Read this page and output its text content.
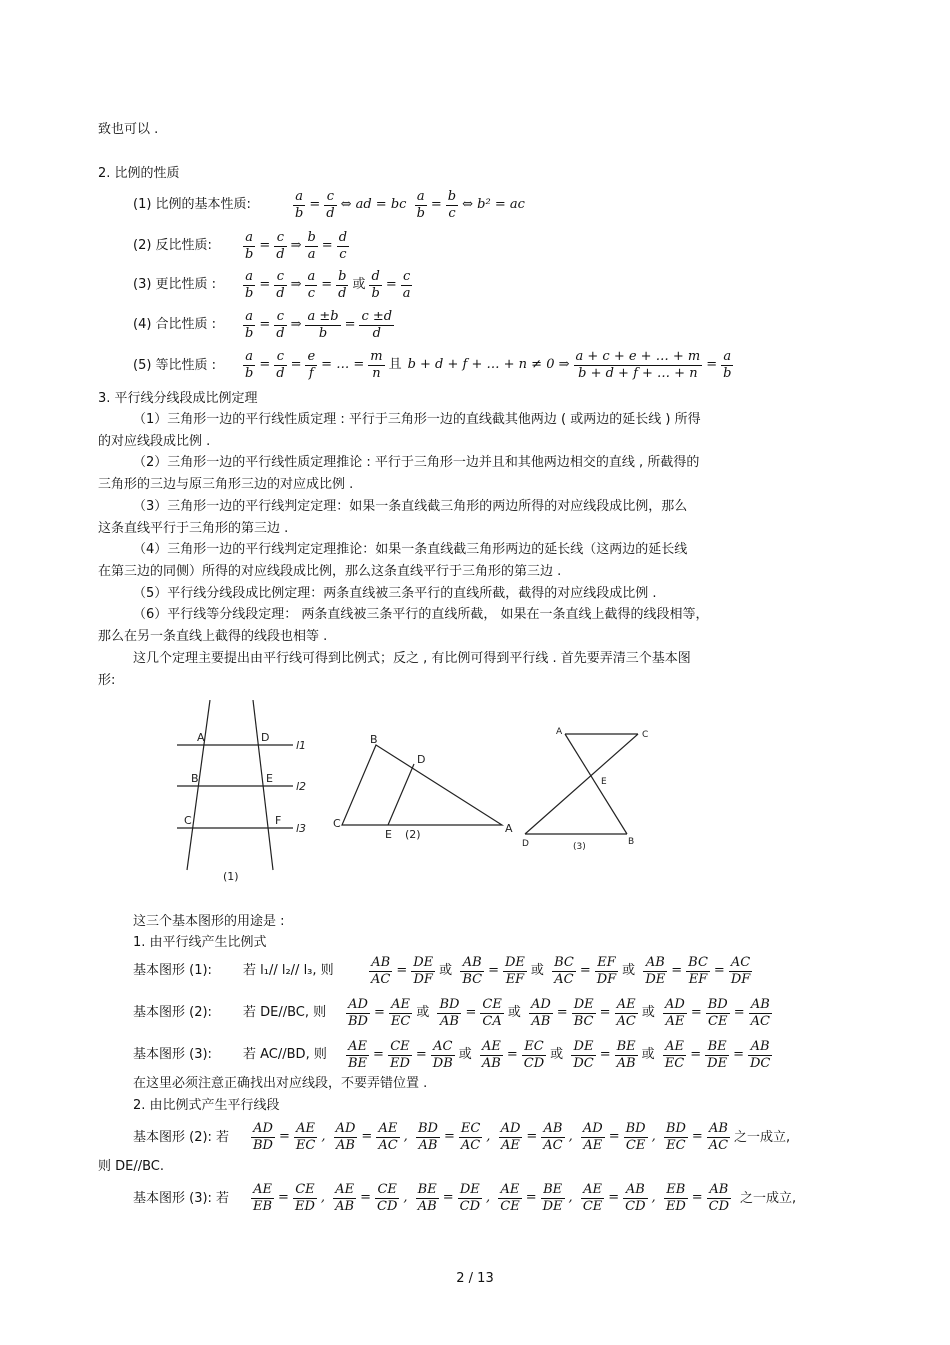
致也可以 .
2. 比例的性质
(1) 比例的基本性质:	$\frac{a}{b} = \frac{c}{d}$ ⇔ ad = bc $\frac{a}{b} = \frac{b}{c}$ ⇔ b² = ac
(2) 反比性质: $\frac{a}{b} = \frac{c}{d}$ ⇒ $\frac{b}{a} = \frac{d}{c}$
(3) 更比性质 : $\frac{a}{b} = \frac{c}{d}$ ⇒ $\frac{a}{c} = \frac{b}{d}$ 或 $\frac{d}{b} = \frac{c}{a}$
(4) 合比性质 : $\frac{a}{b} = \frac{c}{d}$ ⇒ $\frac{a \pm b}{b} = \frac{c \pm d}{d}$
(5) 等比性质 : $\frac{a}{b} = \frac{c}{d} = \frac{e}{f}$ = … = $\frac{m}{n}$ 且 b + d + f + … + n ≠ 0 ⇒ $\frac{a + c + e + \dots + m}{b + d + f + \dots + n} = \frac{a}{b}$
3. 平行线分线段成比例定理
（1）三角形一边的平行线性质定理 : 平行于三角形一边的直线截其他两边 ( 或两边的延长线 ) 所得
的对应线段成比例 .
（2）三角形一边的平行线性质定理推论 : 平行于三角形一边并且和其他两边相交的直线 , 所截得的
三角形的三边与原三角形三边的对应成比例 .
（3）三角形一边的平行线判定定理：如果一条直线截三角形的两边所得的对应线段成比例，那么
这条直线平行于三角形的第三边 .
（4）三角形一边的平行线判定定理推论：如果一条直线截三角形两边的延长线（这两边的延长线
在第三边的同侧）所得的对应线段成比例，那么这条直线平行于三角形的第三边 .
（5）平行线分线段成比例定理：两条直线被三条平行的直线所截，截得的对应线段成比例 .
（6）平行线等分线段定理： 两条直线被三条平行的直线所截， 如果在一条直线上截得的线段相等，
那么在另一条直线上截得的线段也相等 .
这几个定理主要提出由平行线可得到比例式；反之 , 有比例可得到平行线 . 首先要弄清三个基本图
形:
A	D
B	E
C	F
l1
l2
l3
(1)
B
D
C
E	A
(2)
A	C
E
D	B
(3)
这三个基本图形的用途是 :
1. 由平行线产生比例式
基本图形 (1): 若 l₁// l₂// l₃, 则	$\frac{AB}{AC} = \frac{DE}{DF}$ 或 $\frac{AB}{BC} = \frac{DE}{EF}$ 或 $\frac{BC}{AC} = \frac{EF}{DF}$ 或 $\frac{AB}{DE} = \frac{BC}{EF} = \frac{AC}{DF}$
基本图形 (2): 若 DE//BC, 则 $\frac{AD}{BD} = \frac{AE}{EC}$ 或 $\frac{BD}{AB} = \frac{CE}{CA}$ 或 $\frac{AD}{AB} = \frac{DE}{BC} = \frac{AE}{AC}$ 或 $\frac{AD}{AE} = \frac{BD}{CE} = \frac{AB}{AC}$
基本图形 (3): 若 AC//BD, 则 $\frac{AE}{BE} = \frac{CE}{ED} = \frac{AC}{DB}$ 或 $\frac{AE}{AB} = \frac{EC}{CD}$ 或 $\frac{DE}{DC} = \frac{BE}{AB}$ 或 $\frac{AE}{EC} = \frac{BE}{DE} = \frac{AB}{DC}$
在这里必须注意正确找出对应线段，不要弄错位置 .
2. 由比例式产生平行线段
基本图形 (2): 若 $\frac{AD}{BD} = \frac{AE}{EC}$ , $\frac{AD}{AB} = \frac{AE}{AC}$ , $\frac{BD}{AB} = \frac{EC}{AC}$ , $\frac{AD}{AE} = \frac{AB}{AC}$ , $\frac{AD}{AE} = \frac{BD}{CE}$ , $\frac{BD}{EC} = \frac{AB}{AC}$ 之一成立,
则 DE//BC.
基本图形 (3): 若 $\frac{AE}{EB} = \frac{CE}{ED}$ , $\frac{AE}{AB} = \frac{CE}{CD}$ , $\frac{BE}{AB} = \frac{DE}{CD}$ , $\frac{AE}{CE} = \frac{BE}{DE}$ , $\frac{AE}{CE} = \frac{AB}{CD}$ , $\frac{EB}{ED} = \frac{AB}{CD}$ 之一成立,
2 / 13
